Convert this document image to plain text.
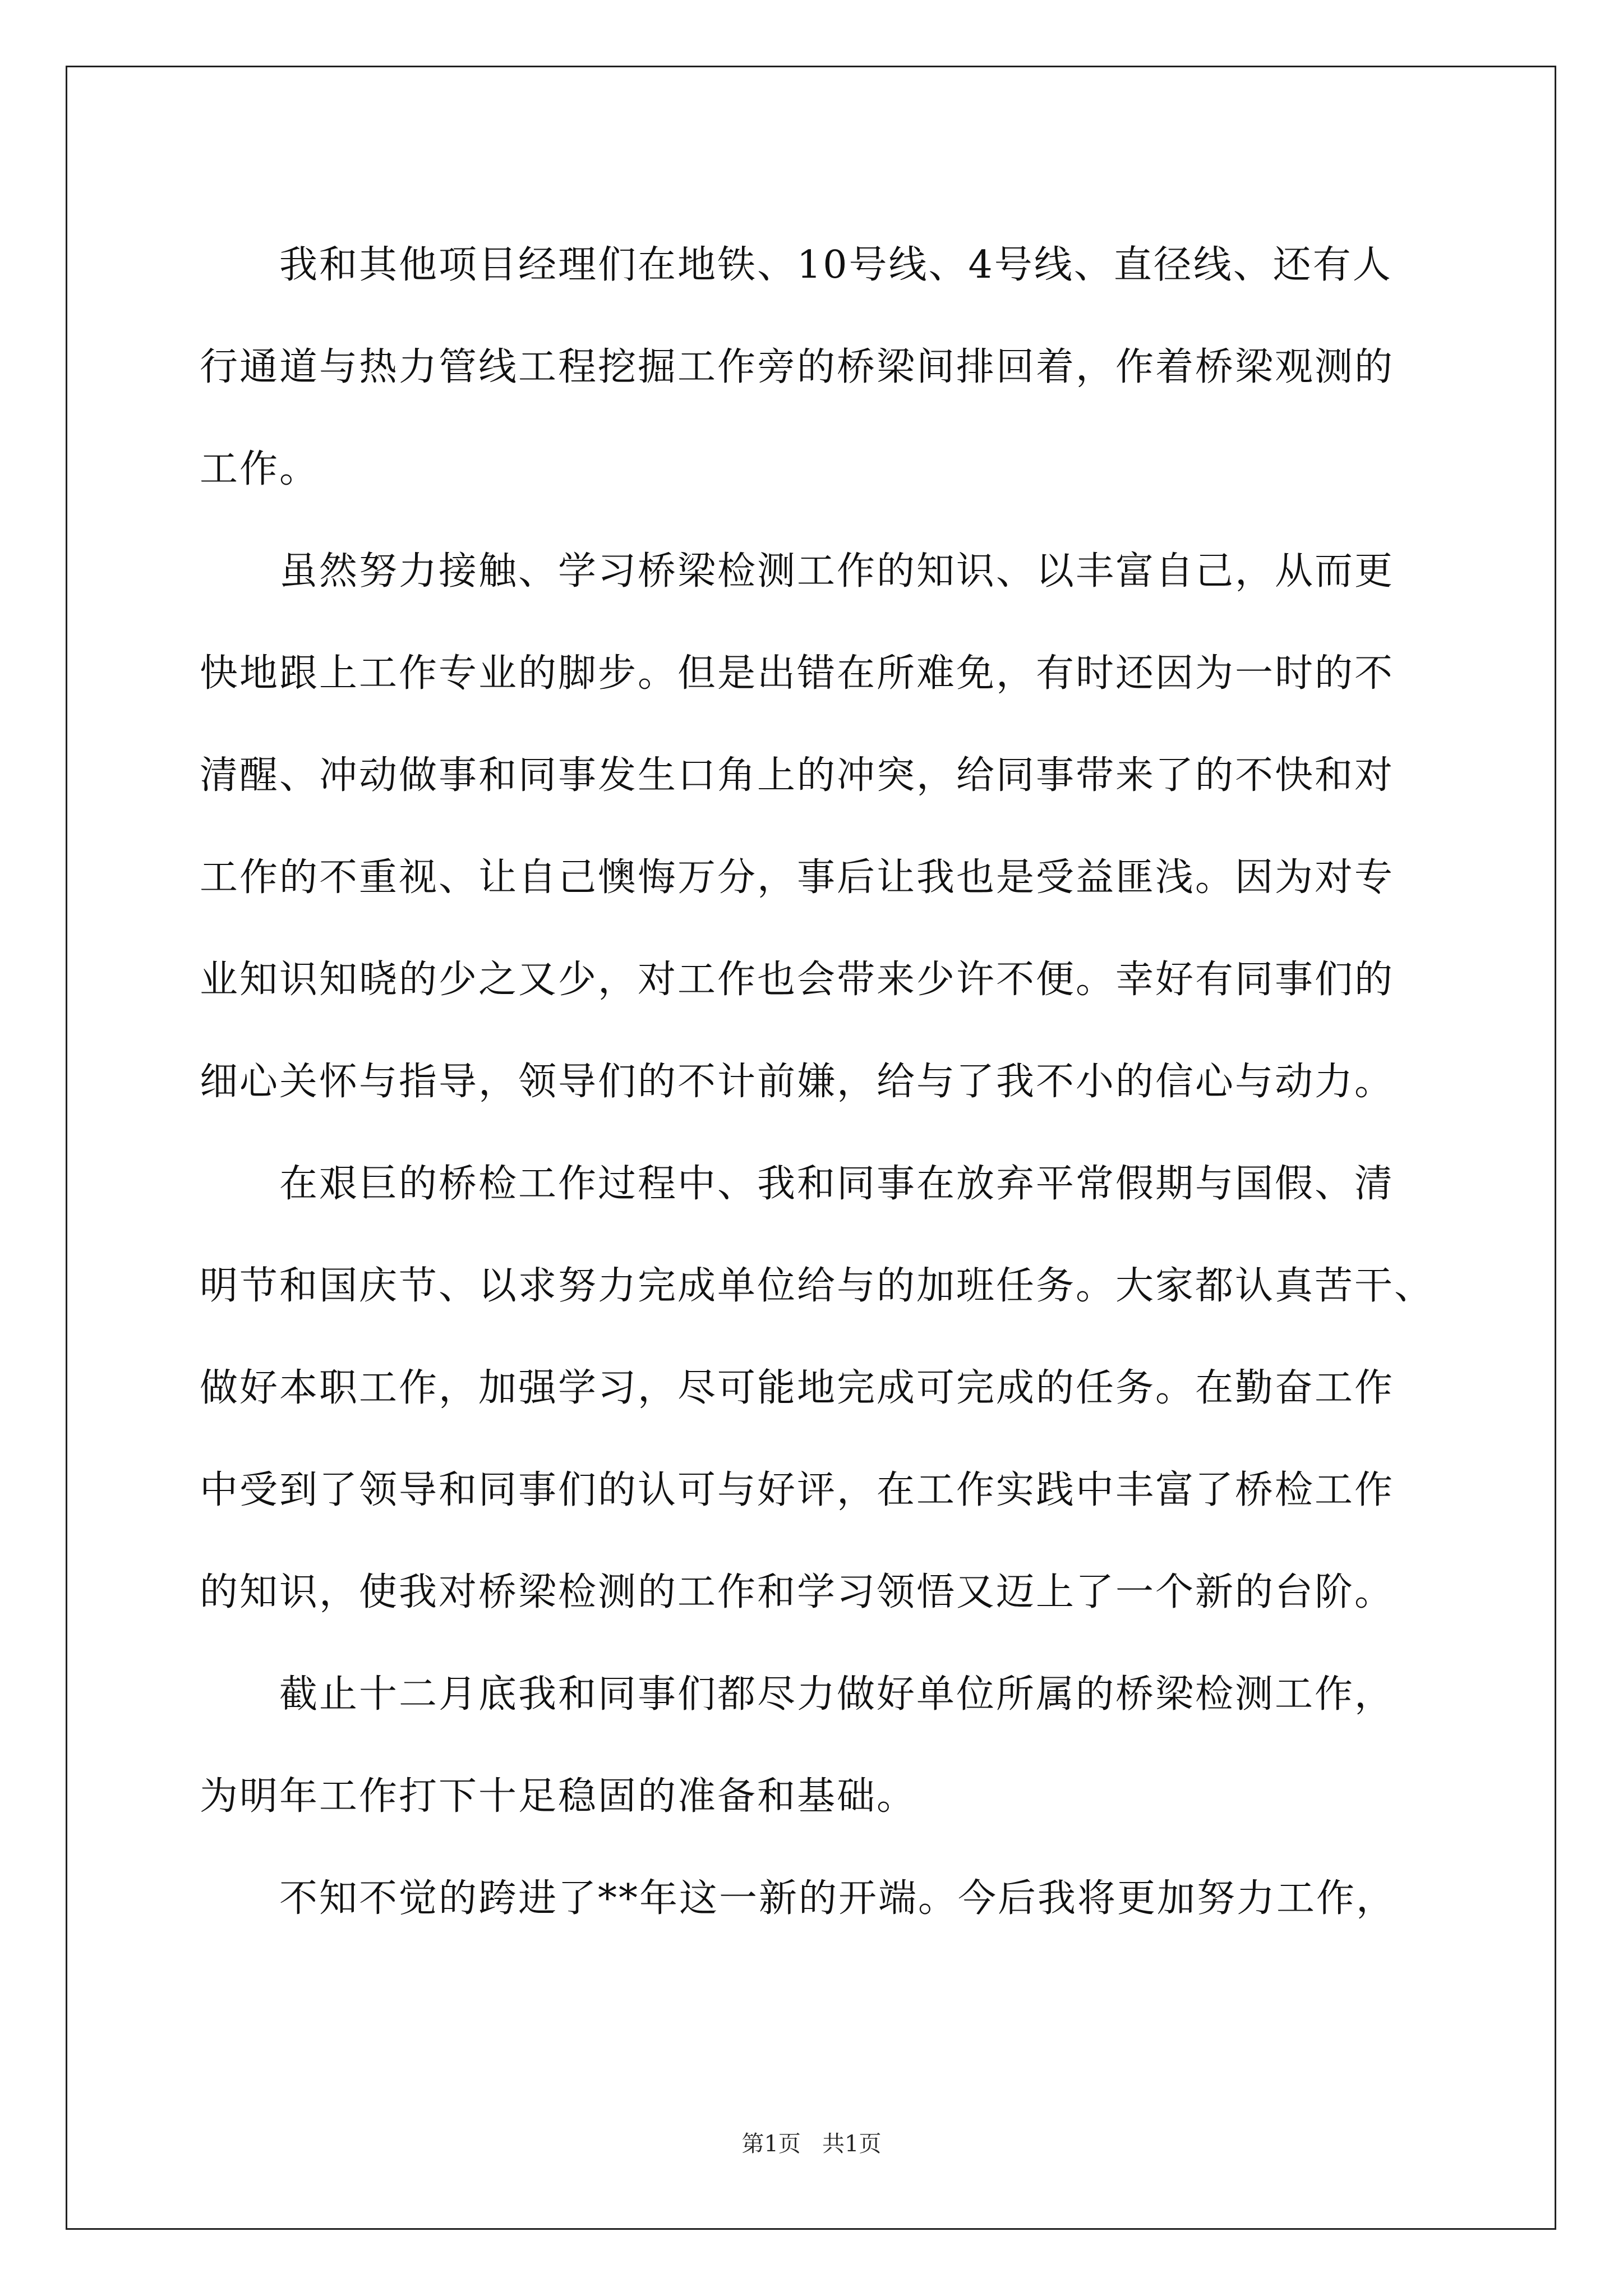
我和其他项目经理们在地铁、10号线、4号线、直径线、还有人
行通道与热力管线工程挖掘工作旁的桥梁间排回着，作着桥梁观测的
工作。
虽然努力接触、学习桥梁检测工作的知识、以丰富自己，从而更
快地跟上工作专业的脚步。但是出错在所难免，有时还因为一时的不
清醒、冲动做事和同事发生口角上的冲突，给同事带来了的不快和对
工作的不重视、让自己懊悔万分，事后让我也是受益匪浅。因为对专
业知识知晓的少之又少，对工作也会带来少许不便。幸好有同事们的
细心关怀与指导，领导们的不计前嫌，给与了我不小的信心与动力。
在艰巨的桥检工作过程中、我和同事在放弃平常假期与国假、清
明节和国庆节、以求努力完成单位给与的加班任务。大家都认真苦干、
做好本职工作，加强学习，尽可能地完成可完成的任务。在勤奋工作
中受到了领导和同事们的认可与好评，在工作实践中丰富了桥检工作
的知识，使我对桥梁检测的工作和学习领悟又迈上了一个新的台阶。
截止十二月底我和同事们都尽力做好单位所属的桥梁检测工作，
为明年工作打下十足稳固的准备和基础。
不知不觉的跨进了**年这一新的开端。今后我将更加努力工作，
第1页   共1页
